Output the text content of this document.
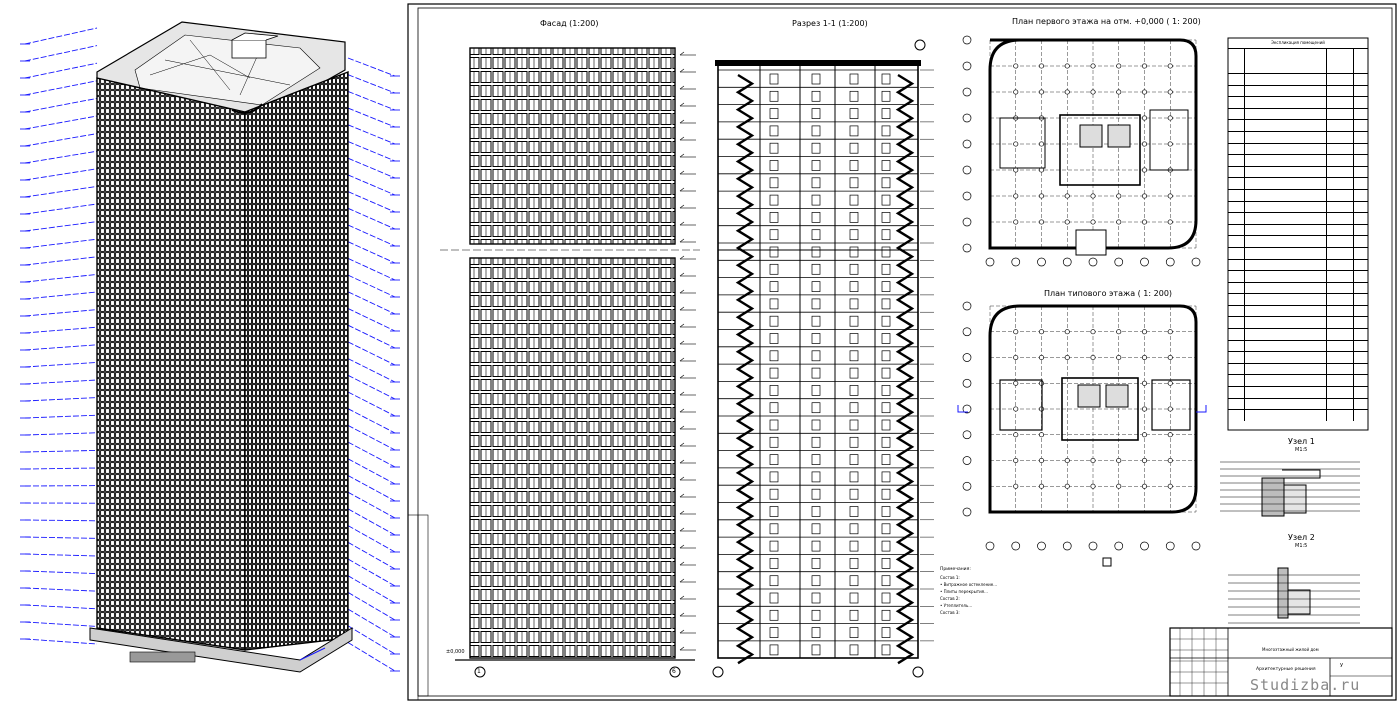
Фасад (1:200)	Разрез 1-1 (1:200)	План первого этажа на отм. +0,000 ( 1: 200)
План типового этажа ( 1: 200)
Узел 1
Узел 2
М1:5
М1:5
1	6
±0,000
Экспликация помещений
Примечания:
Состав 1:
• Витражное остекление...
• Плиты перекрытия...
Состав 2:
• Утеплитель...
Состав 3:
Многоэтажный жилой дом
Архитектурные решения
У
Studizba.ru
